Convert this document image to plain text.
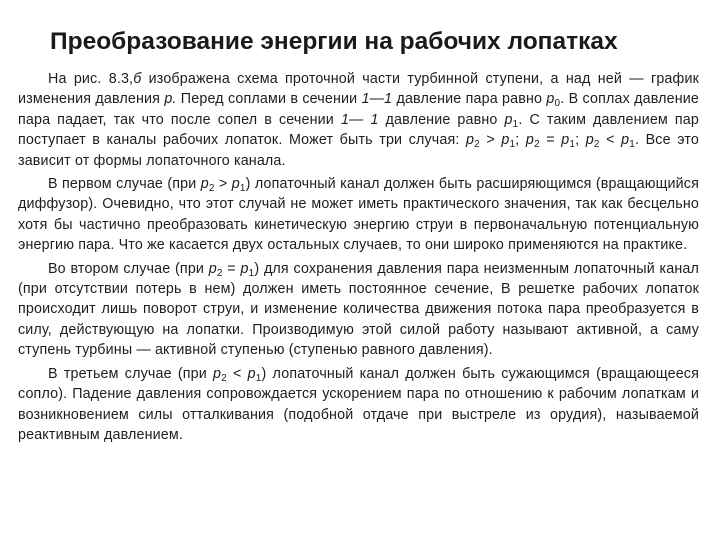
Преобразование энергии на рабочих лопатках

На рис. 8.3,б изображена схема проточной части турбинной ступени, а над ней — график изменения давления р. Перед соплами в сечении 1—1 давление пара равно $p_0$. В соплах давление пара падает, так что после сопел в сечении 1— 1 давление равно $p_1$. С таким давлением пар поступает в каналы рабочих лопаток. Может быть три случая: $p_2 > p_1$; $p_2 = p_1$; $p_2 < p_1$. Все это зависит от формы лопаточного канала.

В первом случае (при $p_2 > p_1$) лопаточный канал должен быть расширяющимся (вращающийся диффузор). Очевидно, что этот случай не может иметь практического значения, так как бесцельно хотя бы частично преобразовать кинетическую энергию струи в первоначальную потенциальную энергию пара. Что же касается двух остальных случаев, то они широко применяются на практике.

Во втором случае (при $p_2 = p_1$) для сохранения давления пара неизменным лопаточный канал (при отсутствии потерь в нем) должен иметь постоянное сечение, В решетке рабочих лопаток происходит лишь поворот струи, и изменение количества движения потока пара преобразуется в силу, действующую на лопатки. Производимую этой силой работу называют активной, а саму ступень турбины — активной ступенью (ступенью равного давления).

В третьем случае (при $p_2 < p_1$) лопаточный канал должен быть сужающимся (вращающееся сопло). Падение давления сопровождается ускорением пара по отношению к рабочим лопаткам и возникновением силы отталкивания (подобной отдаче при выстреле из орудия), называемой реактивным давлением.
